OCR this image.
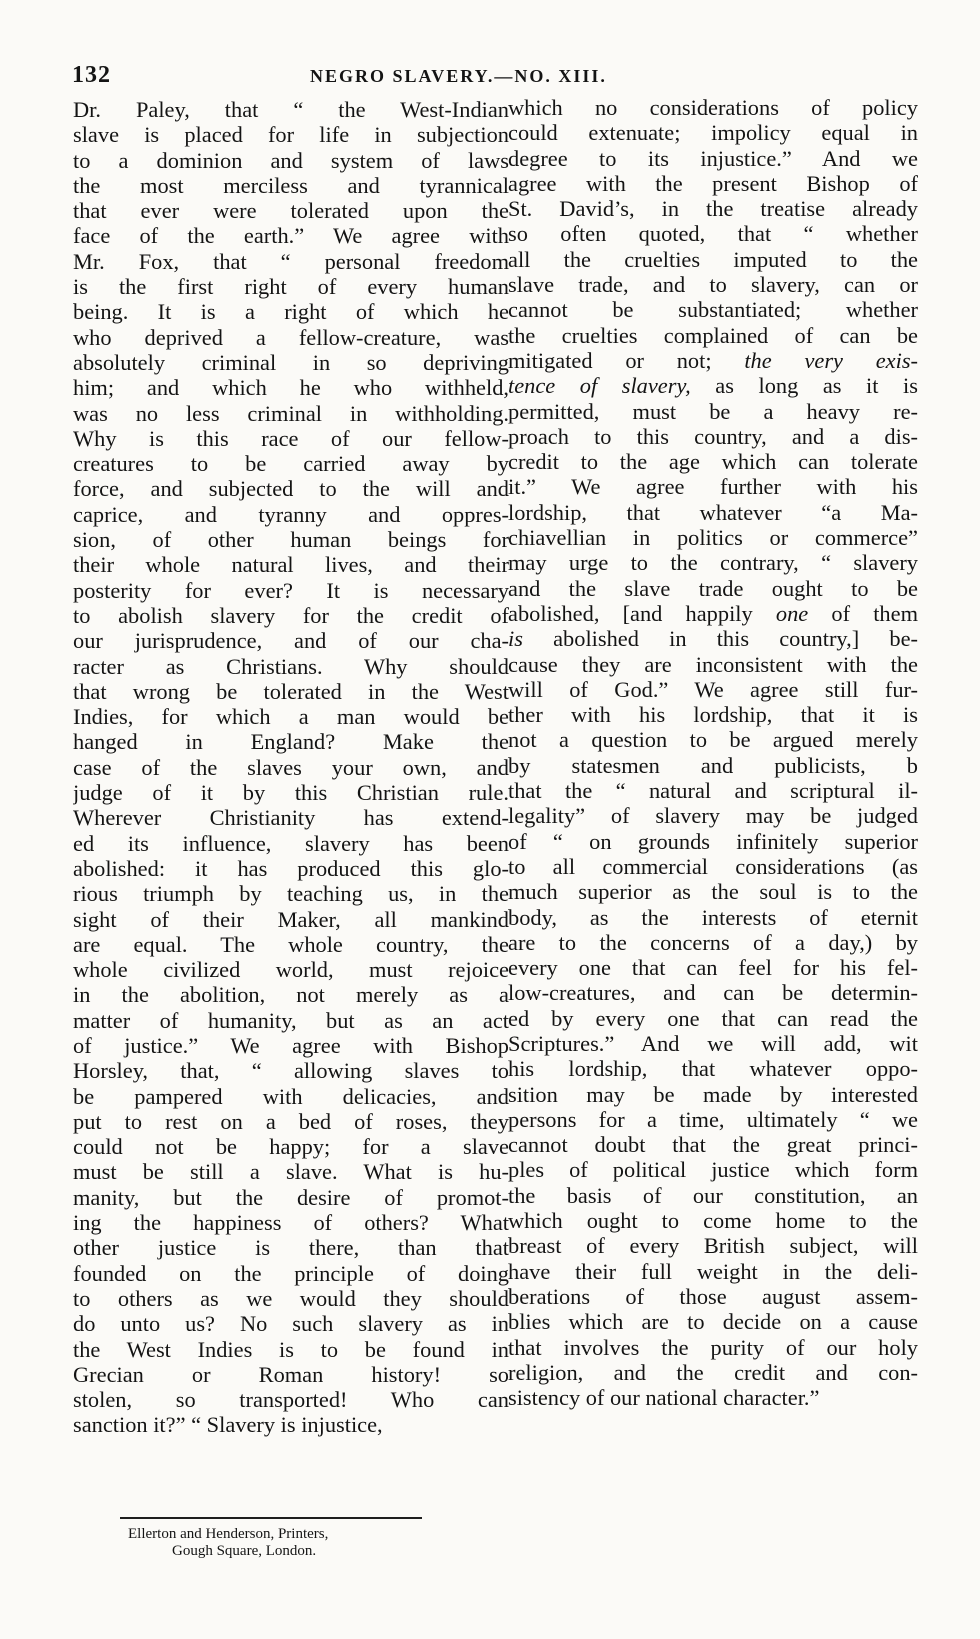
132	NEGRO SLAVERY.—NO. XIII.
Dr. Paley, that “ the West-Indian
slave is placed for life in subjection
to a dominion and system of laws
the most merciless and tyrannical
that ever were tolerated upon the
face of the earth.” We agree with
Mr. Fox, that “ personal freedom
is the first right of every human
being. It is a right of which he
who deprived a fellow-creature, was
absolutely criminal in so depriving
him; and which he who withheld,
was no less criminal in withholding.
Why is this race of our fellow-
creatures to be carried away by
force, and subjected to the will and
caprice, and tyranny and oppres-
sion, of other human beings for
their whole natural lives, and their
posterity for ever? It is necessary
to abolish slavery for the credit of
our jurisprudence, and of our cha-
racter as Christians. Why should
that wrong be tolerated in the West
Indies, for which a man would be
hanged in England? Make the
case of the slaves your own, and
judge of it by this Christian rule.
Wherever Christianity has extend-
ed its influence, slavery has been
abolished: it has produced this glo-
rious triumph by teaching us, in the
sight of their Maker, all mankind
are equal. The whole country, the
whole civilized world, must rejoice
in the abolition, not merely as a
matter of humanity, but as an act
of justice.” We agree with Bishop
Horsley, that, “ allowing slaves to
be pampered with delicacies, and
put to rest on a bed of roses, they
could not be happy; for a slave
must be still a slave. What is hu-
manity, but the desire of promot-
ing the happiness of others? What
other justice is there, than that
founded on the principle of doing
to others as we would they should
do unto us? No such slavery as in
the West Indies is to be found in
Grecian or Roman history! so
stolen, so transported! Who can
sanction it?” “ Slavery is injustice,
which no considerations of policy
could extenuate; impolicy equal in
degree to its injustice.” And we
agree with the present Bishop of
St. David’s, in the treatise already
so often quoted, that “ whether
all the cruelties imputed to the
slave trade, and to slavery, can or
cannot be substantiated; whether
the cruelties complained of can be
mitigated or not; the very exis-
tence of slavery, as long as it is
permitted, must be a heavy re-
proach to this country, and a dis-
credit to the age which can tolerate
it.” We agree further with his
lordship, that whatever “a Ma-
chiavellian in politics or commerce”
may urge to the contrary, “ slavery
and the slave trade ought to be
abolished, [and happily one of them
is abolished in this country,] be-
cause they are inconsistent with the
will of God.” We agree still fur-
ther with his lordship, that it is
not a question to be argued merely
by statesmen and publicists, b
that the “ natural and scriptural il-
legality” of slavery may be judged
of “ on grounds infinitely superior
to all commercial considerations (as
much superior as the soul is to the
body, as the interests of eternit
are to the concerns of a day,) by
every one that can feel for his fel-
low-creatures, and can be determin-
ed by every one that can read the
Scriptures.” And we will add, wit
his lordship, that whatever oppo-
sition may be made by interested
persons for a time, ultimately “ we
cannot doubt that the great princi-
ples of political justice which form
the basis of our constitution, an
which ought to come home to the
breast of every British subject, will
have their full weight in the deli-
berations of those august assem-
blies which are to decide on a cause
that involves the purity of our holy
religion, and the credit and con-
sistency of our national character.”
Ellerton and Henderson, Printers,
Gough Square, London.
